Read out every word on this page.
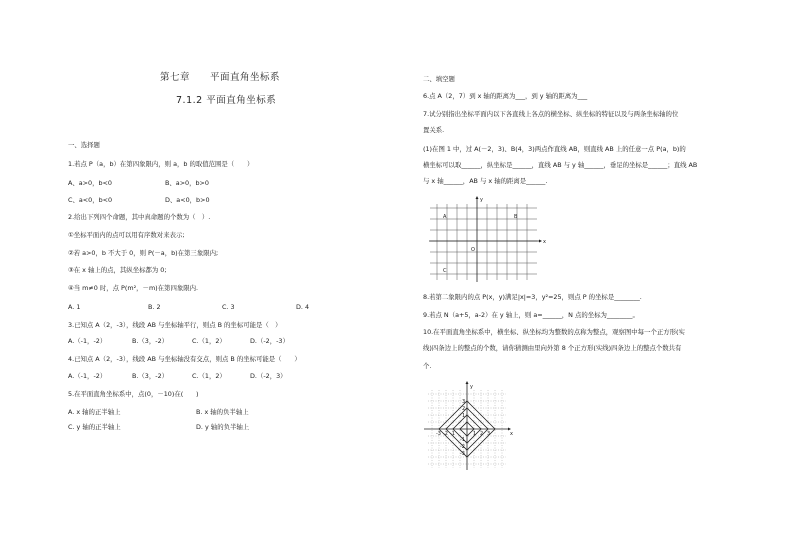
第七章　　平面直角坐标系
7.1.2 平面直角坐标系
一、选择题
1.若点 P（a，b）在第四象限内，则 a，b 的取值范围是（　　）
A、a>0，b<0	B、a>0，b>0
C、a<0，b<0	D、a<0，b>0
2.给出下列四个命题，其中真命题的个数为（　）.
①坐标平面内的点可以用有序数对来表示;
②若 a>0，b 不大于 0，则 P(－a，b)在第三象限内;
③在 x 轴上的点，其纵坐标都为 0;
④当 m≠0 时，点 P(m²，－m)在第四象限内.
A. 1	B. 2	C. 3	D. 4
3.已知点 A（2，-3），线段 AB 与坐标轴平行，则点 B 的坐标可能是（　）
A.（-1，-2）	B.（3，-2）	C.（1，2）	D.（-2，-3）
4.已知点 A（2，-3），线段 AB 与坐标轴没有交点，则点 B 的坐标可能是（　　）
A.（-1，-2）	B.（3，-2）	C.（1，2）	D.（-2，3）
5.在平面直角坐标系中，点(0，－10)在(　　)
A. x 轴的正半轴上	B. x 轴的负半轴上
C. y 轴的正半轴上	D. y 轴的负半轴上
二、填空题
6.点 A（2，7）到 x 轴的距离为___，到 y 轴的距离为___
7.试分别指出坐标平面内以下各直线上各点的横坐标、纵坐标的特征以及与两条坐标轴的位
置关系.
(1)在图 1 中，过 A(－2，3)、B(4，3)两点作直线 AB，则直线 AB 上的任意一点 P(a，b)的
横坐标可以取______，纵坐标是______，直线 AB 与 y 轴______，垂足的坐标是______；直线 AB
与 x 轴______，AB 与 x 轴的距离是______.
y
x
A	B
O
C
8.若第二象限内的点 P(x，y)满足|x|=3，y²=25，则点 P 的坐标是________.
9.若点 N（a+5，a-2）在 y 轴上，则 a=______，N 点的坐标为________。
10.在平面直角坐标系中，横坐标、纵坐标均为整数的点称为整点，观察图中每一个正方形(实
线)四条边上的整点的个数，请你猜测由里向外第 8 个正方形(实线)四条边上的整点个数共有
个.
y
x
3
2
1
-1
-2
-3
-3 -2 -1	1 2 3
